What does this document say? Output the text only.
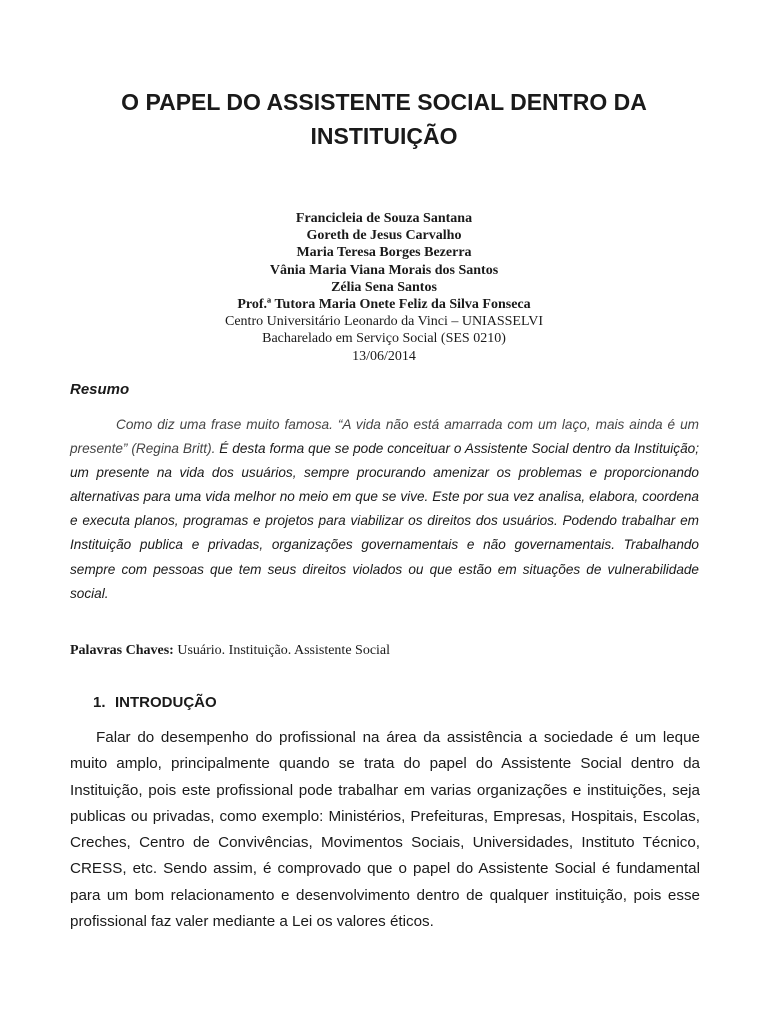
O PAPEL DO ASSISTENTE SOCIAL DENTRO DA
INSTITUIÇÃO
Francicleia de Souza Santana
Goreth de Jesus Carvalho
Maria Teresa Borges Bezerra
Vânia Maria Viana Morais dos Santos
Zélia Sena Santos
Prof.ª Tutora Maria Onete Feliz da Silva Fonseca
Centro Universitário Leonardo da Vinci – UNIASSELVI
Bacharelado em Serviço Social (SES 0210)
13/06/2014
Resumo

Como diz uma frase muito famosa. “A vida não está amarrada com um laço, mais ainda é um presente” (Regina Britt). É desta forma que se pode conceituar o Assistente Social dentro da Instituição; um presente na vida dos usuários, sempre procurando amenizar os problemas e proporcionando alternativas para uma vida melhor no meio em que se vive. Este por sua vez analisa, elabora, coordena e executa planos, programas e projetos para viabilizar os direitos dos usuários. Podendo trabalhar em Instituição publica e privadas, organizações governamentais e não governamentais. Trabalhando sempre com pessoas que tem seus direitos violados ou que estão em situações de vulnerabilidade social.

Palavras Chaves: Usuário. Instituição. Assistente Social
1. INTRODUÇÃO

Falar do desempenho do profissional na área da assistência a sociedade é um leque muito amplo, principalmente quando se trata do papel do Assistente Social dentro da Instituição, pois este profissional pode trabalhar em varias organizações e instituições, seja publicas ou privadas, como exemplo: Ministérios, Prefeituras, Empresas, Hospitais, Escolas, Creches, Centro de Convivências, Movimentos Sociais, Universidades, Instituto Técnico, CRESS, etc. Sendo assim, é comprovado que o papel do Assistente Social é fundamental para um bom relacionamento e desenvolvimento dentro de qualquer instituição, pois esse profissional faz valer mediante a Lei os valores éticos.
